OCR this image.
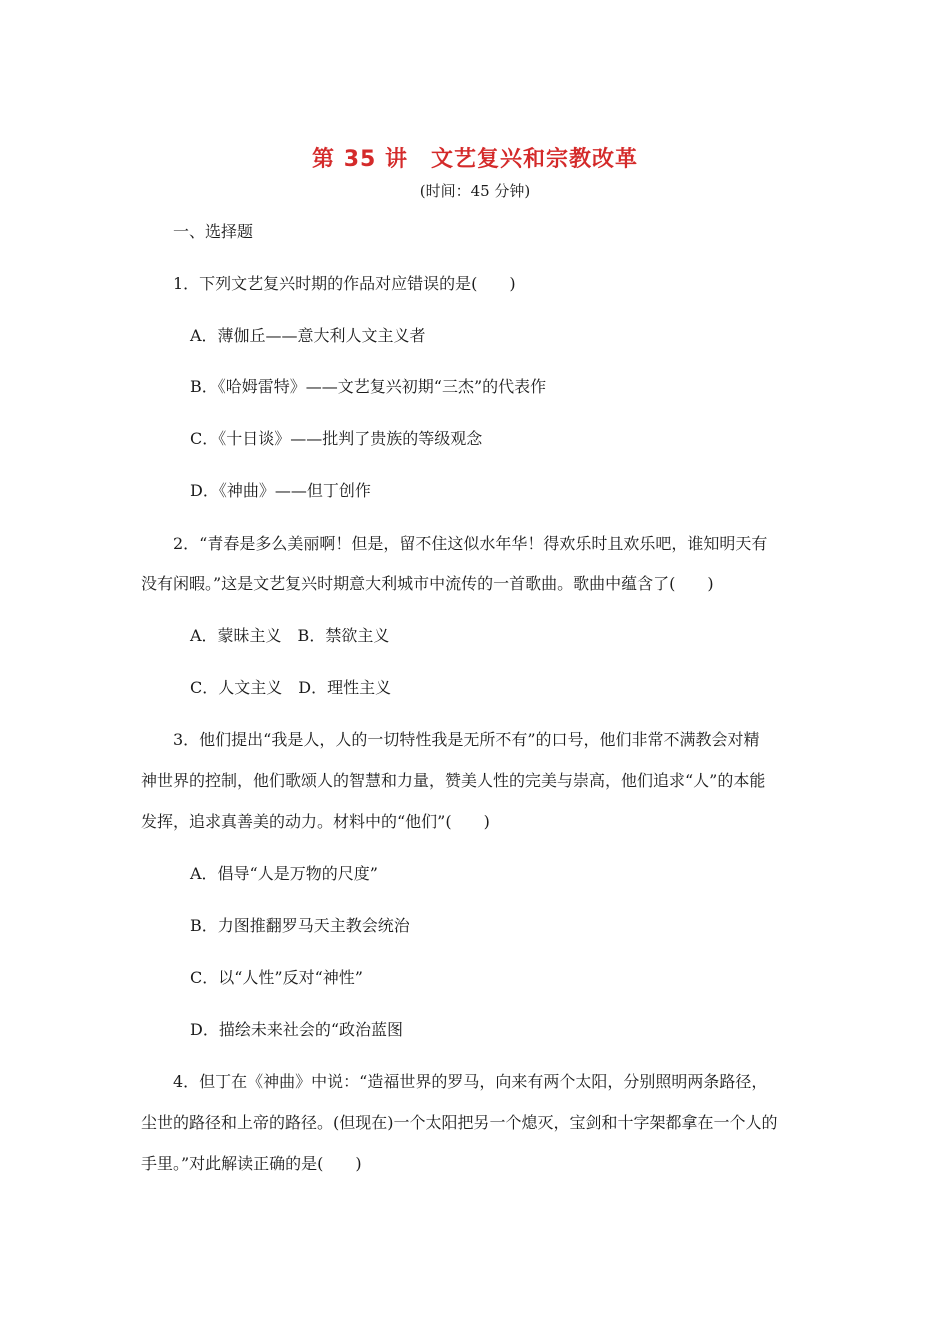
第 35 讲　文艺复兴和宗教改革
(时间：45 分钟)
一、选择题
1．下列文艺复兴时期的作品对应错误的是(　　)
A．薄伽丘——意大利人文主义者
B．《哈姆雷特》——文艺复兴初期“三杰”的代表作
C．《十日谈》——批判了贵族的等级观念
D．《神曲》——但丁创作
2．“青春是多么美丽啊！但是，留不住这似水年华！得欢乐时且欢乐吧，谁知明天有
没有闲暇。”这是文艺复兴时期意大利城市中流传的一首歌曲。歌曲中蕴含了(　　)
A．蒙昧主义　B．禁欲主义
C．人文主义　D．理性主义
3．他们提出“我是人，人的一切特性我是无所不有”的口号，他们非常不满教会对精
神世界的控制，他们歌颂人的智慧和力量，赞美人性的完美与崇高，他们追求“人”的本能
发挥，追求真善美的动力。材料中的“他们”(　　)
A．倡导“人是万物的尺度”
B．力图推翻罗马天主教会统治
C．以“人性”反对“神性”
D．描绘未来社会的“政治蓝图
4．但丁在《神曲》中说：“造福世界的罗马，向来有两个太阳，分别照明两条路径，
尘世的路径和上帝的路径。(但现在)一个太阳把另一个熄灭，宝剑和十字架都拿在一个人的
手里。”对此解读正确的是(　　)
